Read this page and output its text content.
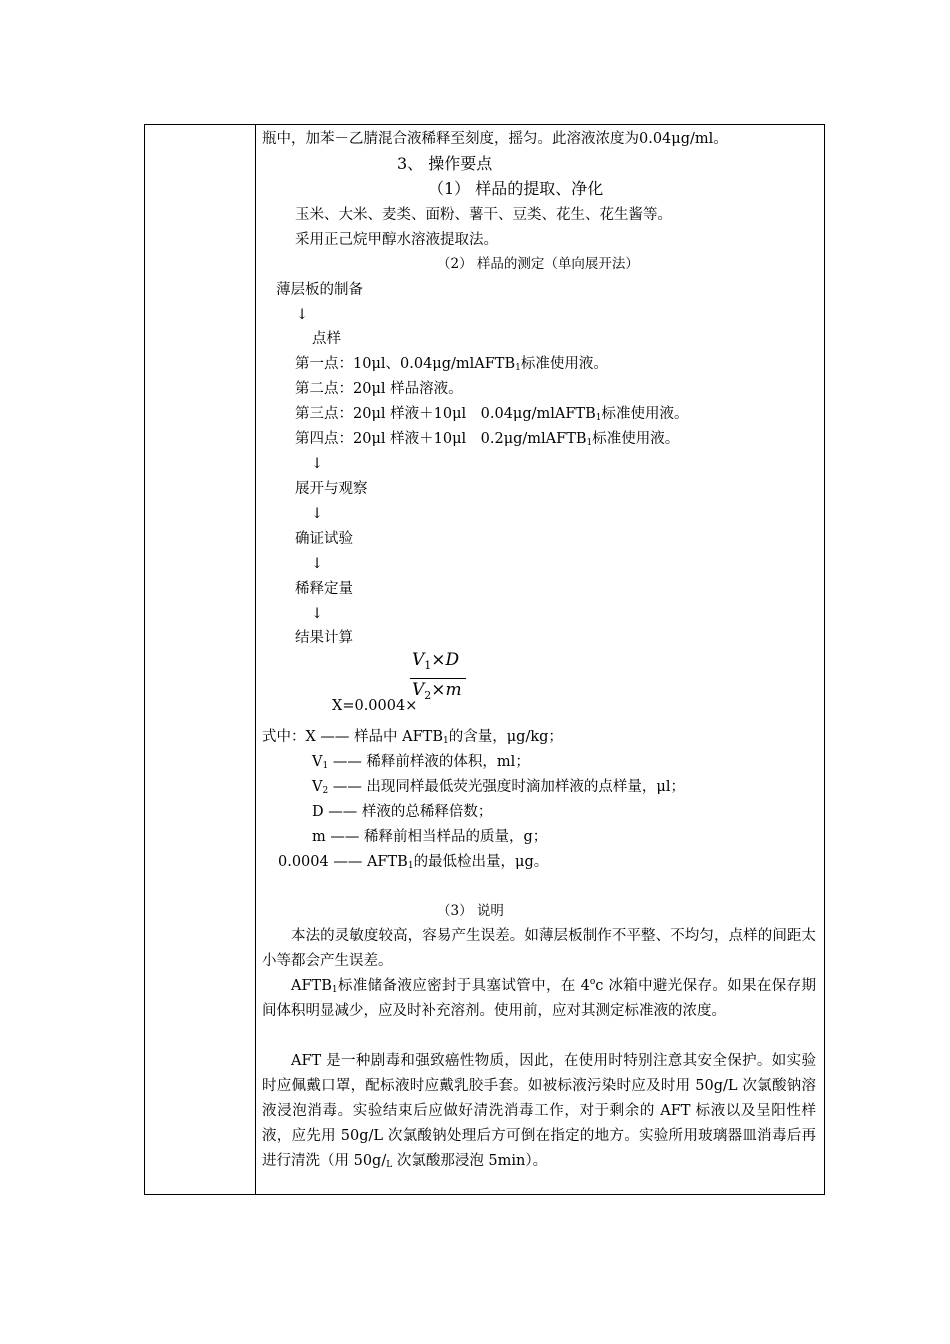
瓶中，加苯－乙腈混合液稀释至刻度，摇匀。此溶液浓度为0.04μg/ml。
3、 操作要点
（1） 样品的提取、净化
玉米、大米、麦类、面粉、薯干、豆类、花生、花生酱等。
采用正己烷甲醇水溶液提取法。
（2） 样品的测定（单向展开法）
薄层板的制备
↓
点样
第一点：10μl、0.04μg/mlAFTB$_1$标准使用液。
第二点：20μl 样品溶液。
第三点：20μl 样液＋10μl　0.04μg/mlAFTB$_1$标准使用液。
第四点：20μl 样液＋10μl　0.2μg/mlAFTB$_1$标准使用液。
↓
展开与观察
↓
确证试验
↓
稀释定量
↓
结果计算
$V_1\times D$
$V_2\times m$
X=0.0004×
式中：X —— 样品中 $AFTB_1$的含量，μg/kg；
$V_1$ —— 稀释前样液的体积，ml；
$V_2$ —— 出现同样最低荧光强度时滴加样液的点样量，μl；
D —— 样液的总稀释倍数；
m —— 稀释前相当样品的质量，g；
0.0004 —— $AFTB_1$的最低检出量，μg。
（3） 说明
本法的灵敏度较高，容易产生误差。如薄层板制作不平整、不均匀，点样的间距太小等都会产生误差。
$AFTB_1$标准储备液应密封于具塞试管中，在 4$^o$c 冰箱中避光保存。如果在保存期间体积明显减少，应及时补充溶剂。使用前，应对其测定标准液的浓度。
AFT 是一种剧毒和强致癌性物质，因此，在使用时特别注意其安全保护。如实验时应佩戴口罩，配标液时应戴乳胶手套。如被标液污染时应及时用 50g/L 次氯酸钠溶液浸泡消毒。实验结束后应做好清洗消毒工作，对于剩余的 AFT 标液以及呈阳性样液，应先用 50g/L 次氯酸钠处理后方可倒在指定的地方。实验所用玻璃器皿消毒后再进行清洗（用 $50g/_L$ 次氯酸那浸泡 5min）。
